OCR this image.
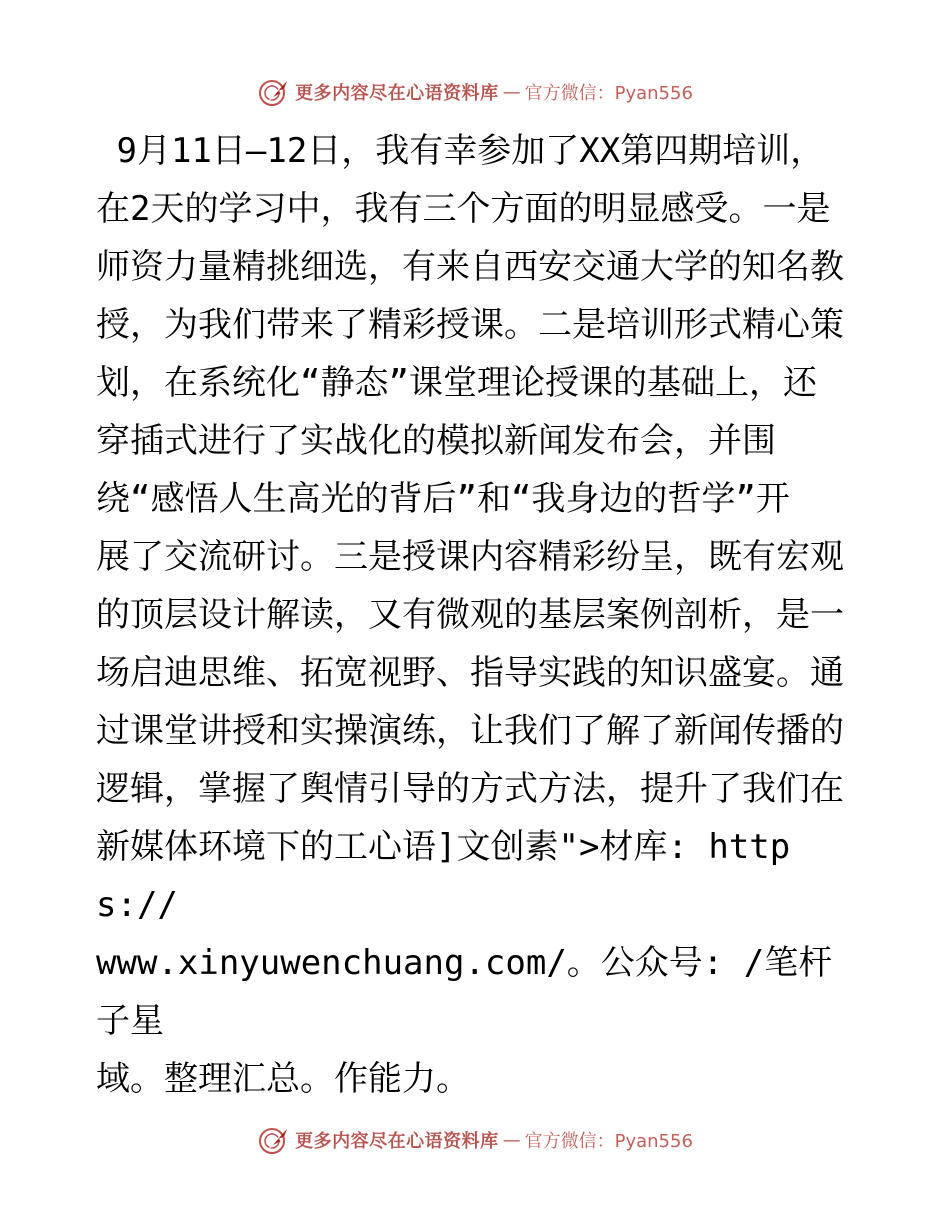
更多内容尽在心语资料库 — 官方微信：Pyan556

9月11日—12日，我有幸参加了XX第四期培训，
在2天的学习中，我有三个方面的明显感受。一是
师资力量精挑细选，有来自西安交通大学的知名教
授，为我们带来了精彩授课。二是培训形式精心策
划，在系统化“静态”课堂理论授课的基础上，还
穿插式进行了实战化的模拟新闻发布会，并围
绕“感悟人生高光的背后”和“我身边的哲学”开
展了交流研讨。三是授课内容精彩纷呈，既有宏观
的顶层设计解读，又有微观的基层案例剖析，是一
场启迪思维、拓宽视野、指导实践的知识盛宴。通
过课堂讲授和实操演练，让我们了解了新闻传播的
逻辑，掌握了舆情引导的方式方法，提升了我们在
新媒体环境下的工心语]文创素">材库: https://
www.xinyuwenchuang.com/。公众号: /笔杆子星
域。整理汇总。作能力。

更多内容尽在心语资料库 — 官方微信：Pyan556
